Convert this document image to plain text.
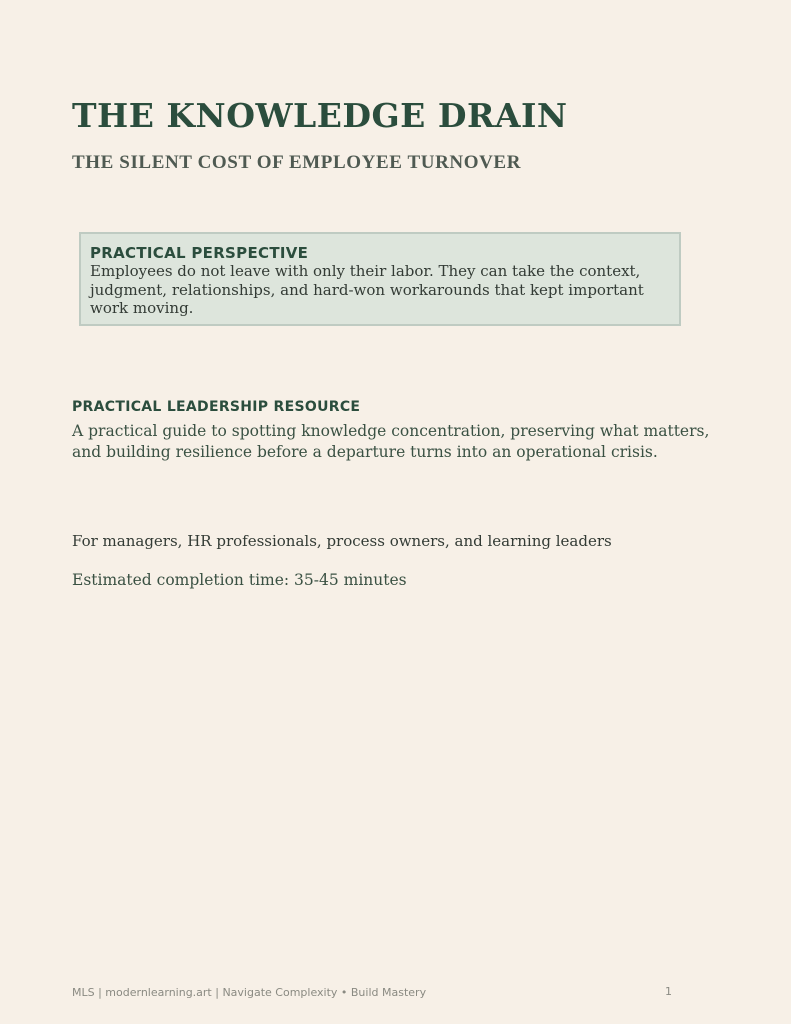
THE KNOWLEDGE DRAIN
THE SILENT COST OF EMPLOYEE TURNOVER
PRACTICAL PERSPECTIVE
Employees do not leave with only their labor. They can take the context, judgment, relationships, and hard-won workarounds that kept important work moving.
PRACTICAL LEADERSHIP RESOURCE

A practical guide to spotting knowledge concentration, preserving what matters, and building resilience before a departure turns into an operational crisis.

For managers, HR professionals, process owners, and learning leaders

Estimated completion time: 35-45 minutes

MLS | modernlearning.art | Navigate Complexity • Build Mastery	1
